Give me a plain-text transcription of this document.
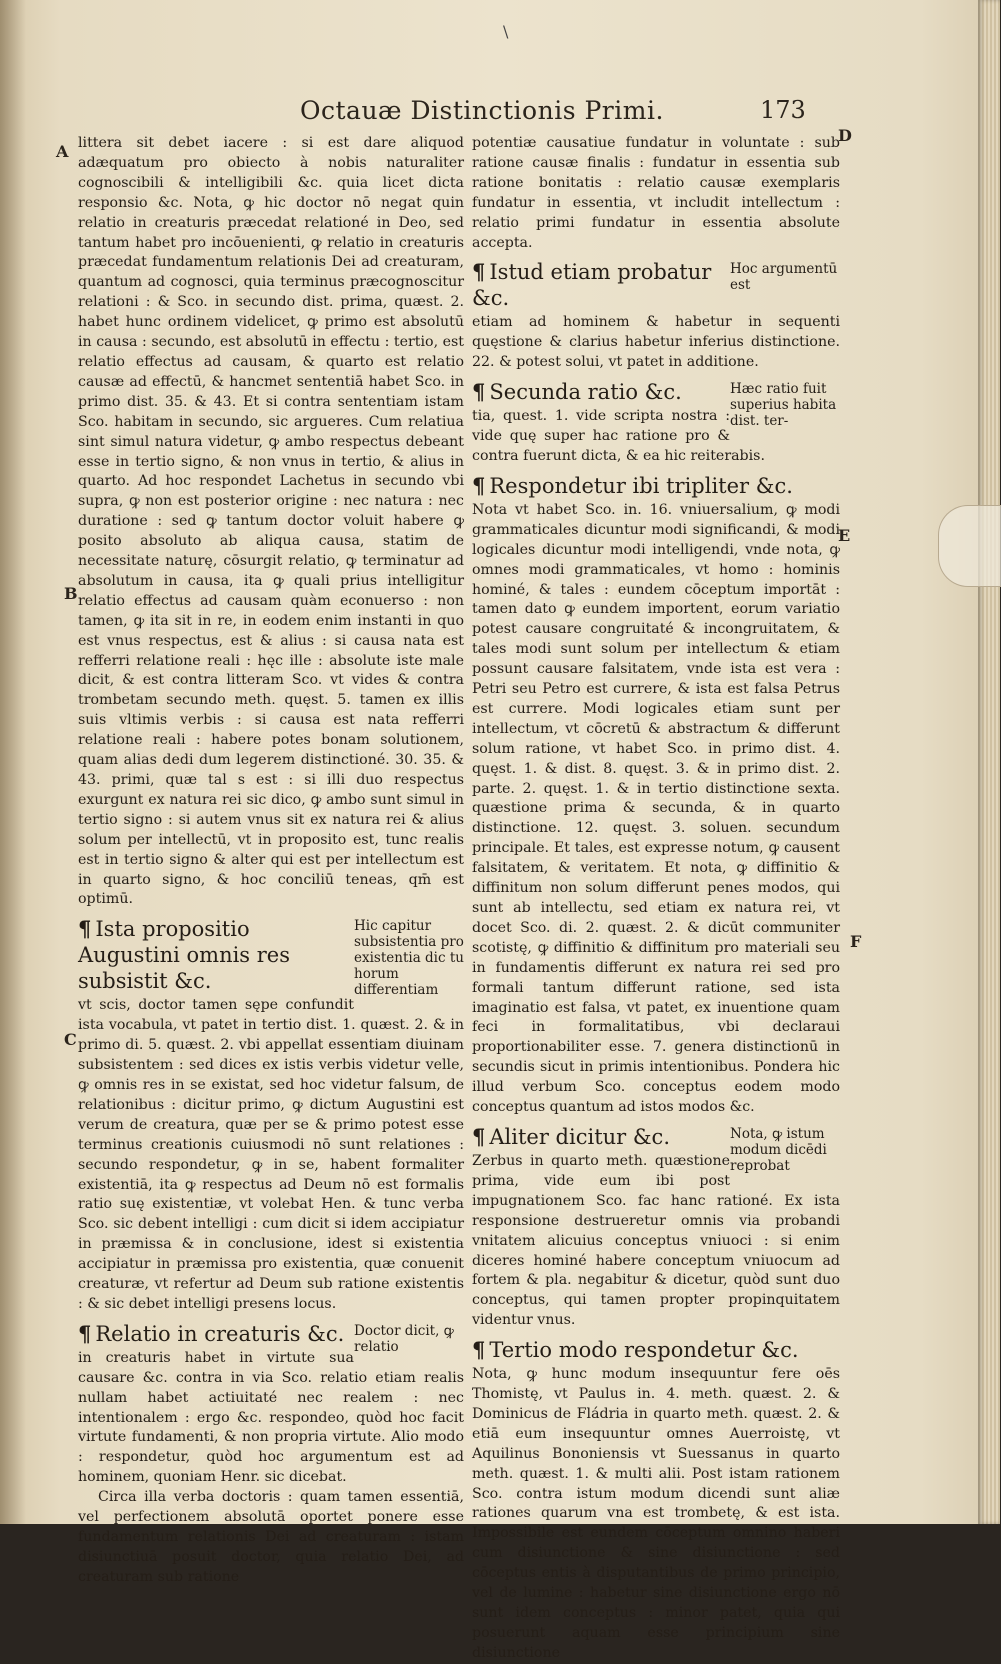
\
Octauæ Distinctionis Primi.	173
A
B
C
D
E
F

littera sit debet iacere : si est dare aliquod adæquatum pro obiecto à nobis naturaliter cognoscibili & intelligibili &c. quia licet dicta responsio &c. Nota, ꝙ hic doctor nō negat quin relatio in creaturis præcedat relationé in Deo, sed tantum habet pro incōuenienti, ꝙ relatio in creaturis præcedat fundamentum relationis Dei ad creaturam, quantum ad cognosci, quia terminus præcognoscitur relationi : & Sco. in secundo dist. prima, quæst. 2. habet hunc ordinem videlicet, ꝙ primo est absolutū in causa : secundo, est absolutū in effectu : tertio, est relatio effectus ad causam, & quarto est relatio causæ ad effectū, & hancmet sententiā habet Sco. in primo dist. 35. & 43. Et si contra sententiam istam Sco. habitam in secundo, sic argueres. Cum relatiua sint simul natura videtur, ꝙ ambo respectus debeant esse in tertio signo, & non vnus in tertio, & alius in quarto. Ad hoc respondet Lachetus in secundo vbi supra, ꝙ non est posterior origine : nec natura : nec duratione : sed ꝙ tantum doctor voluit habere ꝙ posito absoluto ab aliqua causa, statim de necessitate naturę, cōsurgit relatio, ꝙ terminatur ad absolutum in causa, ita ꝙ quali prius intelligitur relatio effectus ad causam quàm econuerso : non tamen, ꝙ ita sit in re, in eodem enim instanti in quo est vnus respectus, est & alius : si causa nata est refferri relatione reali : hęc ille : absolute iste male dicit, & est contra litteram Sco. vt vides & contra trombetam secundo meth. quęst. 5. tamen ex illis suis vltimis verbis : si causa est nata refferri relatione reali : habere potes bonam solutionem, quam alias dedi dum legerem distinctioné. 30. 35. & 43. primi, quæ tal s est : si illi duo respectus exurgunt ex natura rei sic dico, ꝙ ambo sunt simul in tertio signo : si autem vnus sit ex natura rei & alius solum per intellectū, vt in proposito est, tunc realis est in tertio signo & alter qui est per intellectum est in quarto signo, & hoc conciliū teneas, qm̄ est optimū.

Hic capitur subsistentia pro existentia dic tu horum differentiam
¶ Ista propositio Augustini omnis res subsistit &c.

vt scis, doctor tamen sępe confundit ista vocabula, vt patet in tertio dist. 1. quæst. 2. & in primo di. 5. quæst. 2. vbi appellat essentiam diuinam subsistentem : sed dices ex istis verbis videtur velle, ꝙ omnis res in se existat, sed hoc videtur falsum, de relationibus : dicitur primo, ꝙ dictum Augustini est verum de creatura, quæ per se & primo potest esse terminus creationis cuiusmodi nō sunt relationes : secundo respondetur, ꝙ in se, habent formaliter existentiā, ita ꝙ respectus ad Deum nō est formalis ratio suę existentiæ, vt volebat Hen. & tunc verba Sco. sic debent intelligi : cum dicit si idem accipiatur in præmissa & in conclusione, idest si existentia accipiatur in præmissa pro existentia, quæ conuenit creaturæ, vt refertur ad Deum sub ratione existentis : & sic debet intelligi presens locus.

Doctor dicit, ꝙ relatio
¶ Relatio in creaturis &c.

in creaturis habet in virtute sua causare &c. contra in via Sco. relatio etiam realis nullam habet actiuitaté nec realem : nec intentionalem : ergo &c. respondeo, quòd hoc facit virtute fundamenti, & non propria virtute. Alio modo : respondetur, quòd hoc argumentum est ad hominem, quoniam Henr. sic dicebat.

Circa illa verba doctoris : quam tamen essentiā, vel perfectionem absolutā oportet ponere esse fundamentum relationis Dei ad creaturam : istam disiunctiuā posuit doctor, quia relatio Dei, ad creaturam sub ratione

potentiæ causatiue fundatur in voluntate : sub ratione causæ finalis : fundatur in essentia sub ratione bonitatis : relatio causæ exemplaris fundatur in essentia, vt includit intellectum : relatio primi fundatur in essentia absolute accepta.

Hoc argumentū est
¶ Istud etiam probatur &c.

etiam ad hominem & habetur in sequenti quęstione & clarius habetur inferius distinctione. 22. & potest solui, vt patet in additione.

Hæc ratio fuit superius habita dist. ter-
¶ Secunda ratio &c.

tia, quest. 1. vide scripta nostra : vide quę super hac ratione pro & contra fuerunt dicta, & ea hic reiterabis.

¶ Respondetur ibi tripliter &c.

Nota vt habet Sco. in. 16. vniuersalium, ꝙ modi grammaticales dicuntur modi significandi, & modi logicales dicuntur modi intelligendi, vnde nota, ꝙ omnes modi grammaticales, vt homo : hominis hominé, & tales : eundem cōceptum importāt : tamen dato ꝙ eundem importent, eorum variatio potest causare congruitaté & incongruitatem, & tales modi sunt solum per intellectum & etiam possunt causare falsitatem, vnde ista est vera : Petri seu Petro est currere, & ista est falsa Petrus est currere. Modi logicales etiam sunt per intellectum, vt cōcretū & abstractum & differunt solum ratione, vt habet Sco. in primo dist. 4. quęst. 1. & dist. 8. quęst. 3. & in primo dist. 2. parte. 2. quęst. 1. & in tertio distinctione sexta. quæstione prima & secunda, & in quarto distinctione. 12. quęst. 3. soluen. secundum principale. Et tales, est expresse notum, ꝙ causent falsitatem, & veritatem. Et nota, ꝙ diffinitio & diffinitum non solum differunt penes modos, qui sunt ab intellectu, sed etiam ex natura rei, vt docet Sco. di. 2. quæst. 2. & dicūt communiter scotistę, ꝙ diffinitio & diffinitum pro materiali seu in fundamentis differunt ex natura rei sed pro formali tantum differunt ratione, sed ista imaginatio est falsa, vt patet, ex inuentione quam feci in formalitatibus, vbi declaraui proportionabiliter esse. 7. genera distinctionū in secundis sicut in primis intentionibus. Pondera hic illud verbum Sco. conceptus eodem modo conceptus quantum ad istos modos &c.

Nota, ꝙ istum modum dicēdi reprobat
¶ Aliter dicitur &c.

Zerbus in quarto meth. quæstione prima, vide eum ibi post impugnationem Sco. fac hanc rationé. Ex ista responsione destrueretur omnis via probandi vnitatem alicuius conceptus vniuoci : si enim diceres hominé habere conceptum vniuocum ad fortem & pla. negabitur & dicetur, quòd sunt duo conceptus, qui tamen propter propinquitatem videntur vnus.

¶ Tertio modo respondetur &c.

Nota, ꝙ hunc modum insequuntur fere oēs Thomistę, vt Paulus in. 4. meth. quæst. 2. & Dominicus de Fládria in quarto meth. quæst. 2. & etiā eum insequuntur omnes Auerroistę, vt Aquilinus Bononiensis vt Suessanus in quarto meth. quæst. 1. & multi alii. Post istam rationem Sco. contra istum modum dicendi sunt aliæ rationes quarum vna est trombetę, & est ista. Impossibile est eundem cōceptum omnino haberi cum disiunctione & sine disiunctione : sed cōceptus entis à disputantibus de primo principio, vel de lumine : habetur sine disiunctione ergo nō sunt idem conceptus : minor patet, quia qui posuerunt aquam esse principium sine disiunctione
